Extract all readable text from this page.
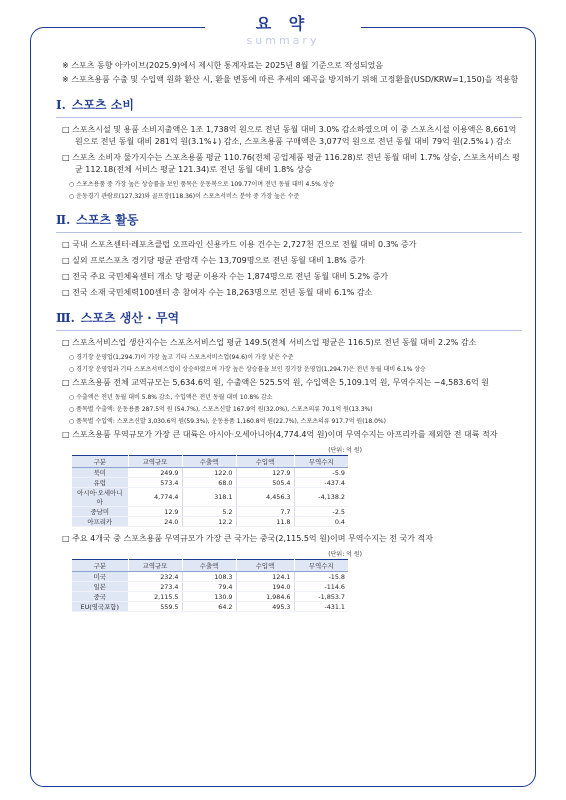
요 약
summary
※ 스포츠 동향 아카이브(2025.9)에서 제시한 통계자료는 2025년 8월 기준으로 작성되었음
※ 스포츠용품 수출 및 수입액 원화 환산 시, 환율 변동에 따른 추세의 왜곡을 방지하기 위해 고정환율(USD/KRW=1,150)을 적용함
Ⅰ. 스포츠 소비
□ 스포츠시설 및 용품 소비지출액은 1조 1,738억 원으로 전년 동월 대비 3.0% 감소하였으며 이 중 스포츠시설 이용액은 8,661억 원으로 전년 동월 대비 281억 원(3.1%↓) 감소, 스포츠용품 구매액은 3,077억 원으로 전년 동월 대비 79억 원(2.5%↓) 감소
□ 스포츠 소비자 물가지수는 스포츠용품 평균 110.76(전체 공업제품 평균 116.28)로 전년 동월 대비 1.7% 상승, 스포츠서비스 평균 112.18(전체 서비스 평균 121.34)로 전년 동월 대비 1.8% 상승
○ 스포츠용품 중 가장 높은 상승률을 보인 품목은 운동복으로 109.77이며 전년 동월 대비 4.5% 상승
○ 운동경기 관람료(127.32)와 골프장(118.36)이 스포츠서비스 분야 중 가장 높은 수준
Ⅱ. 스포츠 활동
□ 국내 스포츠센터·레포츠클럽 오프라인 신용카드 이용 건수는 2,727천 건으로 전월 대비 0.3% 증가
□ 실외 프로스포츠 경기당 평균 관람객 수는 13,709명으로 전년 동월 대비 1.8% 증가
□ 전국 주요 국민체육센터 개소 당 평균 이용자 수는 1,874명으로 전년 동월 대비 5.2% 증가
□ 전국 소재 국민체력100센터 총 참여자 수는 18,263명으로 전년 동월 대비 6.1% 감소
Ⅲ. 스포츠 생산 · 무역
□ 스포츠서비스업 생산지수는 스포츠서비스업 평균 149.5(전체 서비스업 평균은 116.5)로 전년 동월 대비 2.2% 감소
○ 경기장 운영업(1,294.7)이 가장 높고 기타 스포츠서비스업(94.6)이 가장 낮은 수준
○ 경기장 운영업과 기타 스포츠서비스업이 상승하였으며 가장 높은 상승률을 보인 경기장 운영업(1,294.7)은 전년 동월 대비 6.1% 상승
□ 스포츠용품 전체 교역규모는 5,634.6억 원, 수출액은 525.5억 원, 수입액은 5,109.1억 원, 무역수지는 −4,583.6억 원
○ 수출액은 전년 동월 대비 5.8% 감소, 수입액은 전년 동월 대비 10.8% 감소
○ 품목별 수출액: 운동용품 287.5억 원 (54.7%), 스포츠신발 167.9억 원(32.0%), 스포츠의류 70.1억 원(13.3%)
○ 품목별 수입액: 스포츠신발 3,030.6억 원(59.3%), 운동용품 1,160.8억 원(22.7%), 스포츠의류 917.7억 원(18.0%)
□ 스포츠용품 무역규모가 가장 큰 대륙은 아시아·오세아니아(4,774.4억 원)이며 무역수지는 아프리카를 제외한 전 대륙 적자
(단위: 억 원)
구분	교역규모	수출액	수입액	무역수지
북미	249.9	122.0	127.9	-5.9
유럽	573.4	68.0	505.4	-437.4
아시아·오세아니아	4,774.4	318.1	4,456.3	-4,138.2
중남미	12.9	5.2	7.7	-2.5
아프리카	24.0	12.2	11.8	0.4
□ 주요 4개국 중 스포츠용품 무역규모가 가장 큰 국가는 중국(2,115.5억 원)이며 무역수지는 전 국가 적자
(단위: 억 원)
구분	교역규모	수출액	수입액	무역수지
미국	232.4	108.3	124.1	-15.8
일본	273.4	79.4	194.0	-114.6
중국	2,115.5	130.9	1,984.6	-1,853.7
EU(영국포함)	559.5	64.2	495.3	-431.1
